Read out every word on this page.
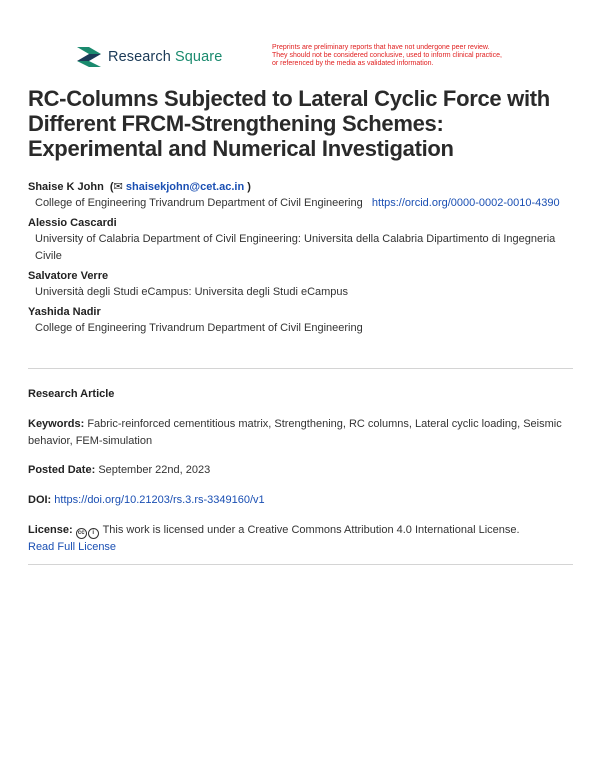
Research Square
Preprints are preliminary reports that have not undergone peer review.
They should not be considered conclusive, used to inform clinical practice,
or referenced by the media as validated information.
RC-Columns Subjected to Lateral Cyclic Force with Different FRCM-Strengthening Schemes: Experimental and Numerical Investigation

Shaise K John  (✉ shaisekjohn@cet.ac.in )

College of Engineering Trivandrum Department of Civil Engineering https://orcid.org/0000-0002-0010-4390

Alessio Cascardi

University of Calabria Department of Civil Engineering: Universita della Calabria Dipartimento di Ingegneria Civile

Salvatore Verre

Università degli Studi eCampus: Universita degli Studi eCampus

Yashida Nadir

College of Engineering Trivandrum Department of Civil Engineering

Research Article

Keywords: Fabric-reinforced cementitious matrix, Strengthening, RC columns, Lateral cyclic loading, Seismic behavior, FEM-simulation

Posted Date: September 22nd, 2023

DOI: https://doi.org/10.21203/rs.3.rs-3349160/v1

License: cc i This work is licensed under a Creative Commons Attribution 4.0 International License.
Read Full License
